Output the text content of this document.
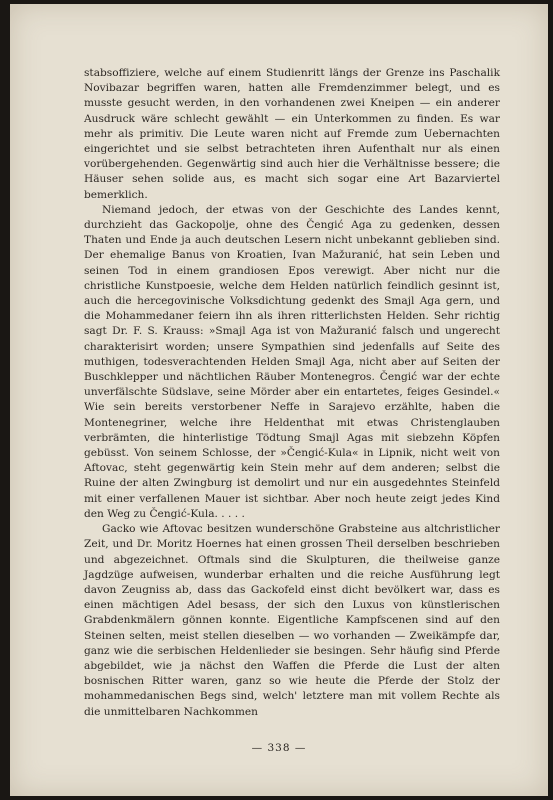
stabsoffiziere, welche auf einem Studienritt längs der Grenze ins Paschalik Novibazar begriffen waren, hatten alle Fremdenzimmer belegt, und es musste gesucht werden, in den vorhandenen zwei Kneipen — ein anderer Ausdruck wäre schlecht gewählt — ein Unterkommen zu finden. Es war mehr als primitiv. Die Leute waren nicht auf Fremde zum Uebernachten eingerichtet und sie selbst betrachteten ihren Aufenthalt nur als einen vorübergehenden. Gegenwärtig sind auch hier die Verhältnisse bessere; die Häuser sehen solide aus, es macht sich sogar eine Art Bazarviertel bemerklich.

Niemand jedoch, der etwas von der Geschichte des Landes kennt, durchzieht das Gackopolje, ohne des Čengić Aga zu gedenken, dessen Thaten und Ende ja auch deutschen Lesern nicht unbekannt geblieben sind. Der ehemalige Banus von Kroatien, Ivan Mažuranić, hat sein Leben und seinen Tod in einem grandiosen Epos verewigt. Aber nicht nur die christliche Kunstpoesie, welche dem Helden natürlich feindlich gesinnt ist, auch die hercegovinische Volksdichtung gedenkt des Smajl Aga gern, und die Mohammedaner feiern ihn als ihren ritterlichsten Helden. Sehr richtig sagt Dr. F. S. Krauss: »Smajl Aga ist von Mažuranić falsch und ungerecht charakterisirt worden; unsere Sympathien sind jedenfalls auf Seite des muthigen, todesverachtenden Helden Smajl Aga, nicht aber auf Seiten der Buschklepper und nächtlichen Räuber Montenegros. Čengić war der echte unverfälschte Südslave, seine Mörder aber ein entartetes, feiges Gesindel.« Wie sein bereits verstorbener Neffe in Sarajevo erzählte, haben die Montenegriner, welche ihre Heldenthat mit etwas Christenglauben verbrämten, die hinterlistige Tödtung Smajl Agas mit siebzehn Köpfen gebüsst. Von seinem Schlosse, der »Čengić-Kula« in Lipnik, nicht weit von Aftovac, steht gegenwärtig kein Stein mehr auf dem anderen; selbst die Ruine der alten Zwingburg ist demolirt und nur ein ausgedehntes Steinfeld mit einer verfallenen Mauer ist sichtbar. Aber noch heute zeigt jedes Kind den Weg zu Čengić-Kula. . . . .

Gacko wie Aftovac besitzen wunderschöne Grabsteine aus altchristlicher Zeit, und Dr. Moritz Hoernes hat einen grossen Theil derselben beschrieben und abgezeichnet. Oftmals sind die Skulpturen, die theilweise ganze Jagdzüge aufweisen, wunderbar erhalten und die reiche Ausführung legt davon Zeugniss ab, dass das Gackofeld einst dicht bevölkert war, dass es einen mächtigen Adel besass, der sich den Luxus von künstlerischen Grabdenkmälern gönnen konnte. Eigentliche Kampfscenen sind auf den Steinen selten, meist stellen dieselben — wo vorhanden — Zweikämpfe dar, ganz wie die serbischen Heldenlieder sie besingen. Sehr häufig sind Pferde abgebildet, wie ja nächst den Waffen die Pferde die Lust der alten bosnischen Ritter waren, ganz so wie heute die Pferde der Stolz der mohammedanischen Begs sind, welch' letztere man mit vollem Rechte als die unmittelbaren Nachkommen

— 338 —
